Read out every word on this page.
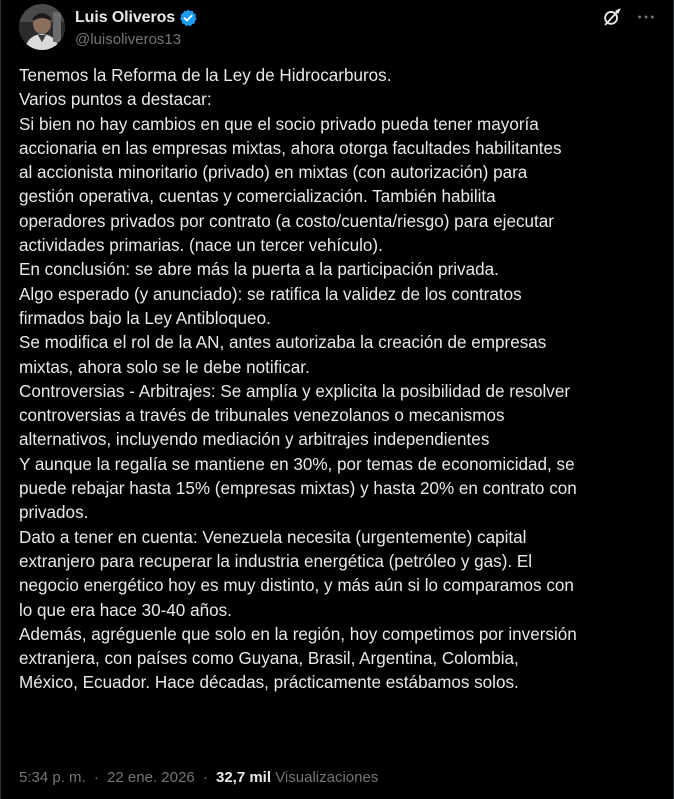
Luis Oliveros
@luisoliveros13
Tenemos la Reforma de la Ley de Hidrocarburos.
Varios puntos a destacar:
Si bien no hay cambios en que el socio privado pueda tener mayoría
accionaria en las empresas mixtas, ahora otorga facultades habilitantes
al accionista minoritario (privado) en mixtas (con autorización) para
gestión operativa, cuentas y comercialización. También habilita
operadores privados por contrato (a costo/cuenta/riesgo) para ejecutar
actividades primarias. (nace un tercer vehículo).
En conclusión: se abre más la puerta a la participación privada.
Algo esperado (y anunciado): se ratifica la validez de los contratos
firmados bajo la Ley Antibloqueo.
Se modifica el rol de la AN, antes autorizaba la creación de empresas
mixtas, ahora solo se le debe notificar.
Controversias - Arbitrajes: Se amplía y explicita la posibilidad de resolver
controversias a través de tribunales venezolanos o mecanismos
alternativos, incluyendo mediación y arbitrajes independientes
Y aunque la regalía se mantiene en 30%, por temas de economicidad, se
puede rebajar hasta 15% (empresas mixtas) y hasta 20% en contrato con
privados.
Dato a tener en cuenta: Venezuela necesita (urgentemente) capital
extranjero para recuperar la industria energética (petróleo y gas). El
negocio energético hoy es muy distinto, y más aún si lo comparamos con
lo que era hace 30-40 años.
Además, agréguenle que solo en la región, hoy competimos por inversión
extranjera, con países como Guyana, Brasil, Argentina, Colombia,
México, Ecuador. Hace décadas, prácticamente estábamos solos.
5:34 p. m. · 22 ene. 2026 · 32,7 mil Visualizaciones
